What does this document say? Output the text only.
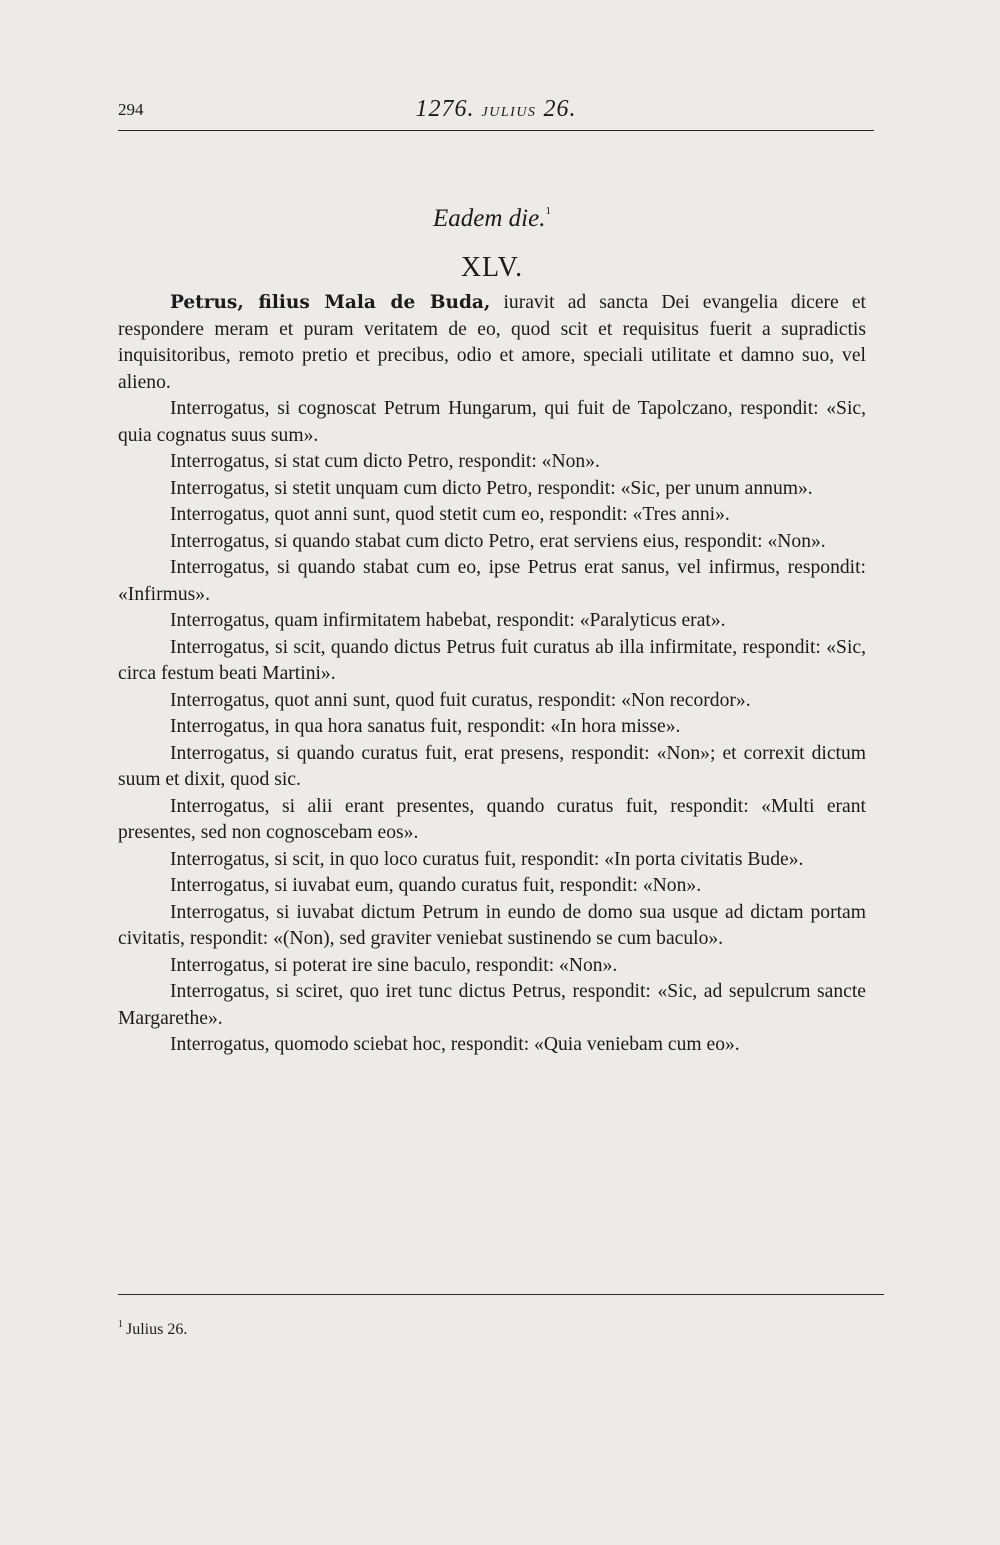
294	1276. JULIUS 26.
Eadem die.$^1$
XLV.

Petrus, filius Mala de Buda, iuravit ad sancta Dei evangelia dicere et respondere meram et puram veritatem de eo, quod scit et requisitus fuerit a supradictis inquisitoribus, remoto pretio et precibus, odio et amore, speciali utilitate et damno suo, vel alieno.

Interrogatus, si cognoscat Petrum Hungarum, qui fuit de Tapolczano, respondit: «Sic, quia cognatus suus sum».

Interrogatus, si stat cum dicto Petro, respondit: «Non».

Interrogatus, si stetit unquam cum dicto Petro, respondit: «Sic, per unum annum».

Interrogatus, quot anni sunt, quod stetit cum eo, respondit: «Tres anni».

Interrogatus, si quando stabat cum dicto Petro, erat serviens eius, respondit: «Non».

Interrogatus, si quando stabat cum eo, ipse Petrus erat sanus, vel infirmus, respondit: «Infirmus».

Interrogatus, quam infirmitatem habebat, respondit: «Paralyticus erat».

Interrogatus, si scit, quando dictus Petrus fuit curatus ab illa infirmitate, respondit: «Sic, circa festum beati Martini».

Interrogatus, quot anni sunt, quod fuit curatus, respondit: «Non recordor».

Interrogatus, in qua hora sanatus fuit, respondit: «In hora misse».

Interrogatus, si quando curatus fuit, erat presens, respondit: «Non»; et correxit dictum suum et dixit, quod sic.

Interrogatus, si alii erant presentes, quando curatus fuit, respondit: «Multi erant presentes, sed non cognoscebam eos».

Interrogatus, si scit, in quo loco curatus fuit, respondit: «In porta civitatis Bude».

Interrogatus, si iuvabat eum, quando curatus fuit, respondit: «Non».

Interrogatus, si iuvabat dictum Petrum in eundo de domo sua usque ad dictam portam civitatis, respondit: «(Non), sed graviter veniebat sustinendo se cum baculo».

Interrogatus, si poterat ire sine baculo, respondit: «Non».

Interrogatus, si sciret, quo iret tunc dictus Petrus, respondit: «Sic, ad sepulcrum sancte Margarethe».

Interrogatus, quomodo sciebat hoc, respondit: «Quia veniebam cum eo».

$^1$ Julius 26.
